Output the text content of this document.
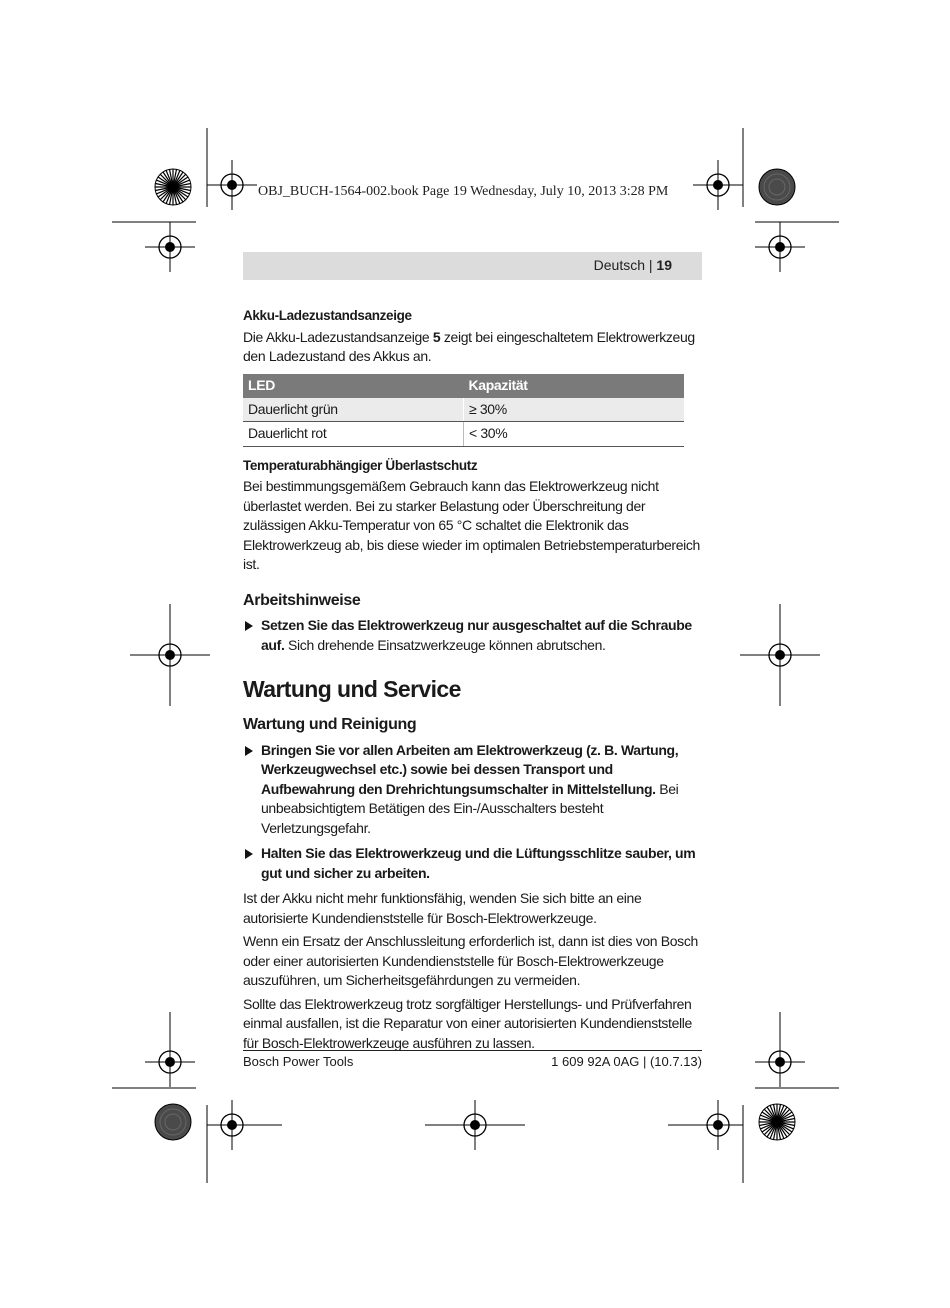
OBJ_BUCH-1564-002.book Page 19 Wednesday, July 10, 2013 3:28 PM
Deutsch | 19
Akku-Ladezustandsanzeige

Die Akku-Ladezustandsanzeige 5 zeigt bei eingeschaltetem Elektrowerkzeug den Ladezustand des Akkus an.

LED	Kapazität
Dauerlicht grün	≥ 30%
Dauerlicht rot	< 30%
Temperaturabhängiger Überlastschutz

Bei bestimmungsgemäßem Gebrauch kann das Elektrowerkzeug nicht überlastet werden. Bei zu starker Belastung oder Überschreitung der zulässigen Akku-Temperatur von 65 °C schaltet die Elektronik das Elektrowerkzeug ab, bis diese wieder im optimalen Betriebstemperaturbereich ist.

Arbeitshinweise
Setzen Sie das Elektrowerkzeug nur ausgeschaltet auf die Schraube auf. Sich drehende Einsatzwerkzeuge können abrutschen.
Wartung und Service
Wartung und Reinigung
Bringen Sie vor allen Arbeiten am Elektrowerkzeug (z. B. Wartung, Werkzeugwechsel etc.) sowie bei dessen Transport und Aufbewahrung den Drehrichtungsumschalter in Mittelstellung. Bei unbeabsichtigtem Betätigen des Ein-/Ausschalters besteht Verletzungsgefahr.
Halten Sie das Elektrowerkzeug und die Lüftungsschlitze sauber, um gut und sicher zu arbeiten.

Ist der Akku nicht mehr funktionsfähig, wenden Sie sich bitte an eine autorisierte Kundendienststelle für Bosch-Elektrowerkzeuge.

Wenn ein Ersatz der Anschlussleitung erforderlich ist, dann ist dies von Bosch oder einer autorisierten Kundendienststelle für Bosch-Elektrowerkzeuge auszuführen, um Sicherheitsgefährdungen zu vermeiden.

Sollte das Elektrowerkzeug trotz sorgfältiger Herstellungs- und Prüfverfahren einmal ausfallen, ist die Reparatur von einer autorisierten Kundendienststelle für Bosch-Elektrowerkzeuge ausführen zu lassen.

Bosch Power Tools	1 609 92A 0AG | (10.7.13)
